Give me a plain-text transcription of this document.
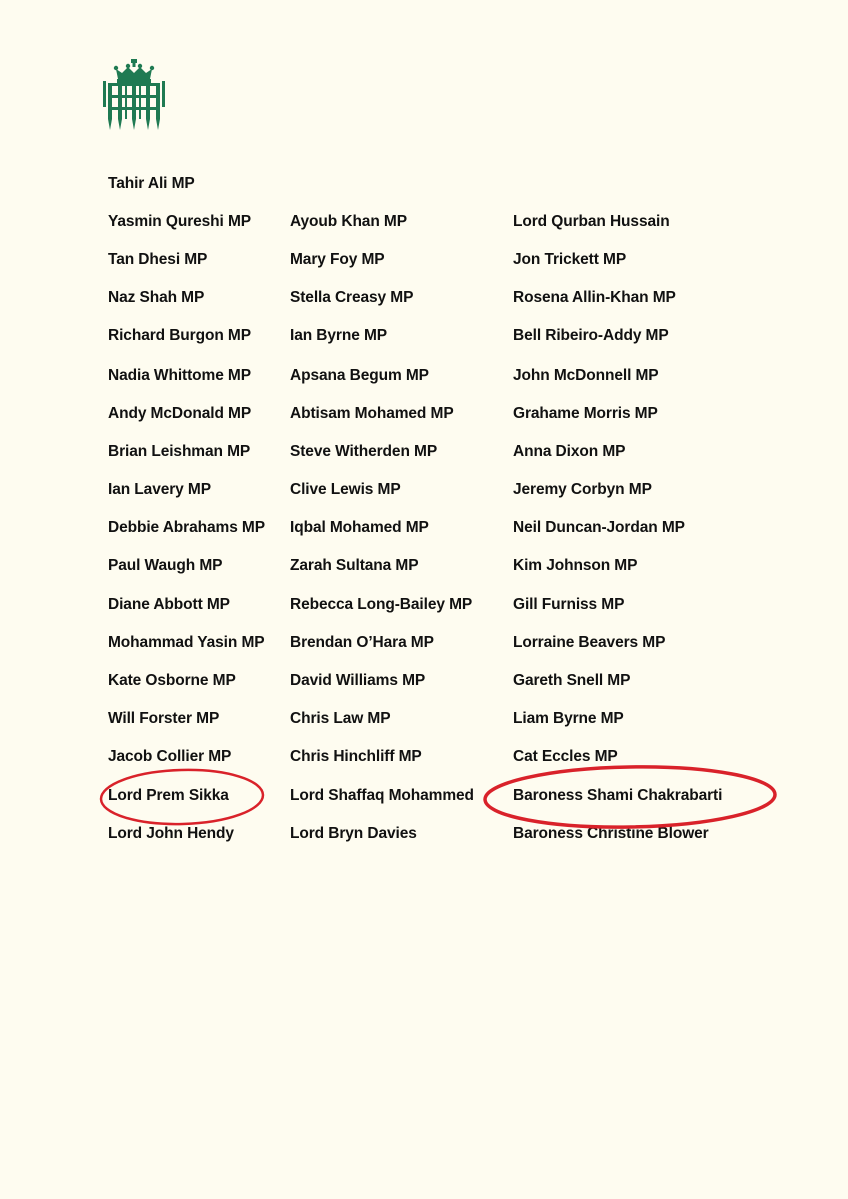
Tahir Ali MP
Yasmin Qureshi MP
Tan Dhesi MP
Naz Shah MP
Richard Burgon MP
Nadia Whittome MP
Andy McDonald MP
Brian Leishman MP
Ian Lavery MP
Debbie Abrahams MP
Paul Waugh MP
Diane Abbott MP
Mohammad Yasin MP
Kate Osborne MP
Will Forster MP
Jacob Collier MP
Lord Prem Sikka
Lord John Hendy
Ayoub Khan MP
Mary Foy MP
Stella Creasy MP
Ian Byrne MP
Apsana Begum MP
Abtisam Mohamed MP
Steve Witherden MP
Clive Lewis MP
Iqbal Mohamed MP
Zarah Sultana MP
Rebecca Long-Bailey MP
Brendan O’Hara MP
David Williams MP
Chris Law MP
Chris Hinchliff MP
Lord Shaffaq Mohammed
Lord Bryn Davies
Lord Qurban Hussain
Jon Trickett MP
Rosena Allin-Khan MP
Bell Ribeiro-Addy MP
John McDonnell MP
Grahame Morris MP
Anna Dixon MP
Jeremy Corbyn MP
Neil Duncan-Jordan MP
Kim Johnson MP
Gill Furniss MP
Lorraine Beavers MP
Gareth Snell MP
Liam Byrne MP
Cat Eccles MP
Baroness Shami Chakrabarti
Baroness Christine Blower
